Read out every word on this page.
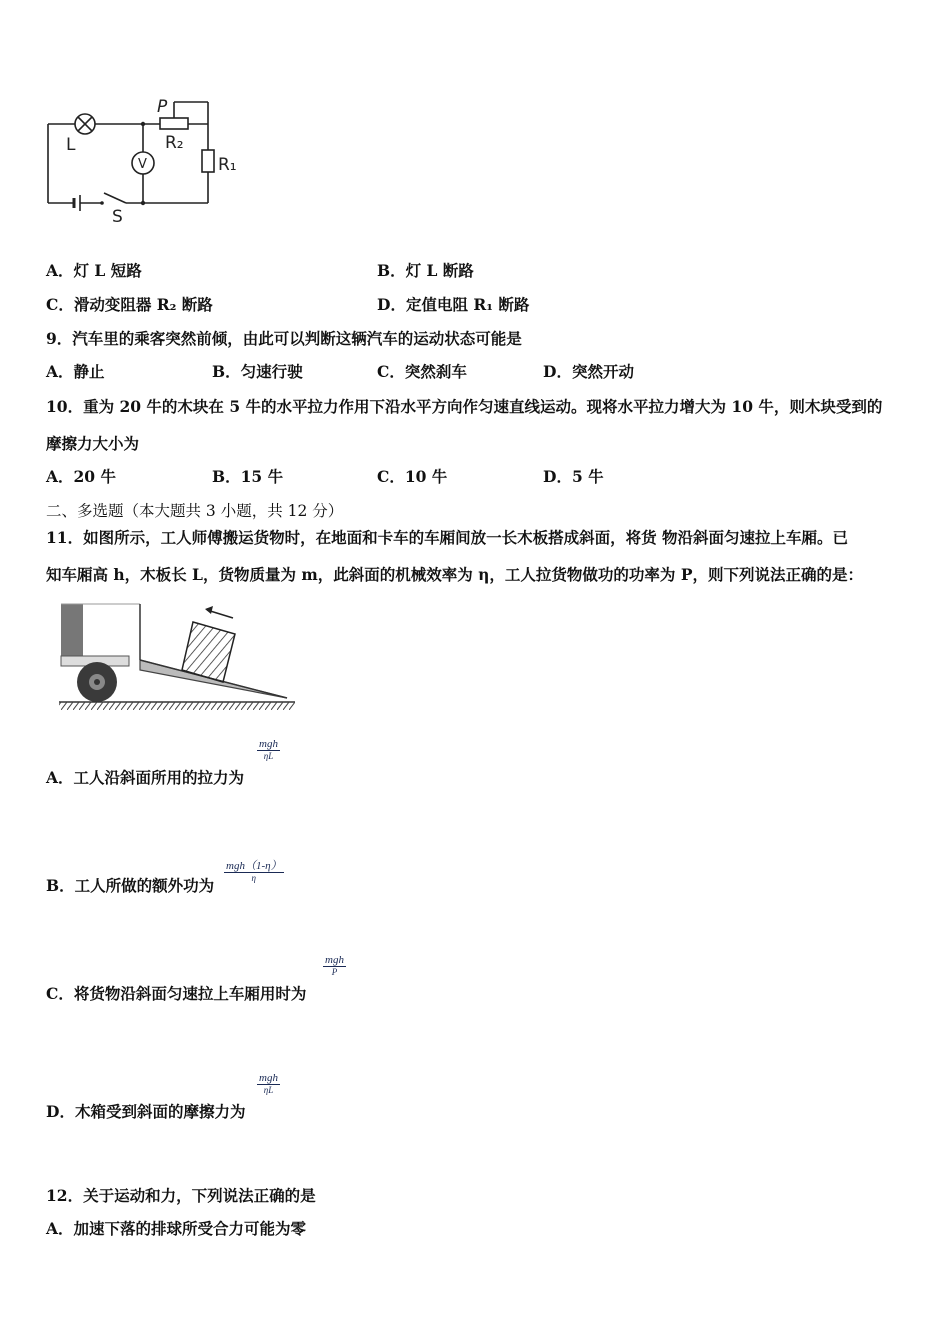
L
P
R₂
R₁
V
S
A．灯 L 短路	B．灯 L 断路
C．滑动变阻器 R₂ 断路	D．定值电阻 R₁ 断路
9．汽车里的乘客突然前倾，由此可以判断这辆汽车的运动状态可能是
A．静止	B．匀速行驶	C．突然刹车	D．突然开动
10．重为 20 牛的木块在 5 牛的水平拉力作用下沿水平方向作匀速直线运动。现将水平拉力增大为 10 牛，则木块受到的
摩擦力大小为
A．20 牛	B．15 牛	C．10 牛	D．5 牛
二、多选题（本大题共 3 小题，共 12 分）
11．如图所示，工人师傅搬运货物时，在地面和卡车的车厢间放一长木板搭成斜面，将货 物沿斜面匀速拉上车厢。已
知车厢高 h，木板长 L，货物质量为 m，此斜面的机械效率为 η，工人拉货物做功的功率为 P，则下列说法正确的是：
mgh
ηL
A．工人沿斜面所用的拉力为
mgh（1-η）
η
B．工人所做的额外功为
mgh
P
C．将货物沿斜面匀速拉上车厢用时为
mgh
ηL
D．木箱受到斜面的摩擦力为
12．关于运动和力，下列说法正确的是
A．加速下落的排球所受合力可能为零
